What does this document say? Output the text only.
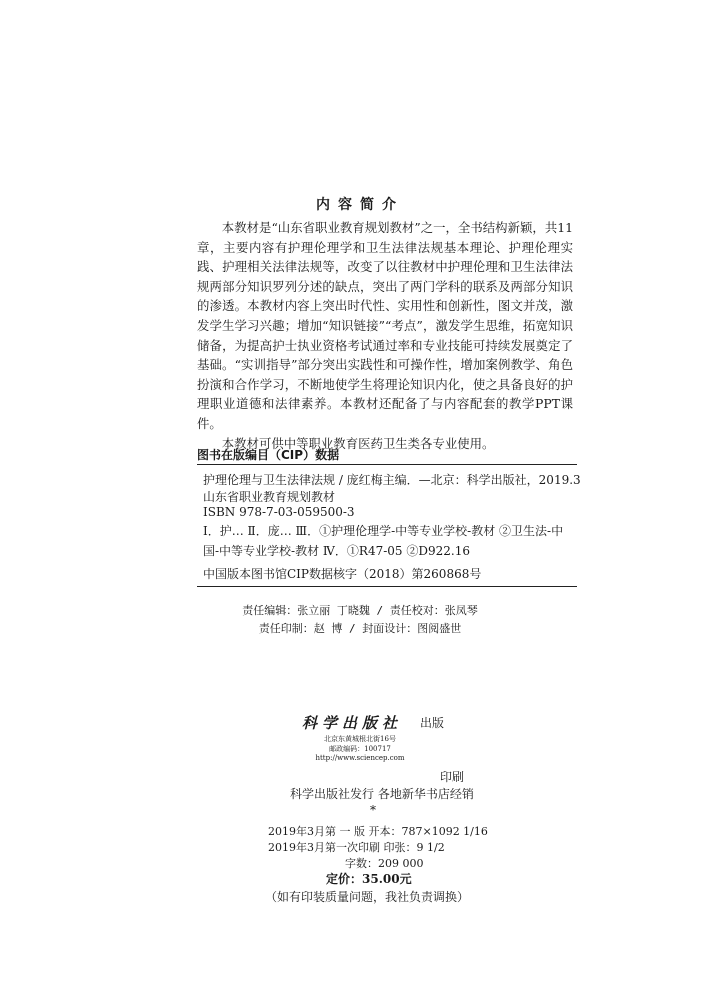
内容简介

本教材是“山东省职业教育规划教材”之一，全书结构新颖，共11章，主要内容有护理伦理学和卫生法律法规基本理论、护理伦理实践、护理相关法律法规等，改变了以往教材中护理伦理和卫生法律法规两部分知识罗列分述的缺点，突出了两门学科的联系及两部分知识的渗透。本教材内容上突出时代性、实用性和创新性，图文并茂，激发学生学习兴趣；增加“知识链接”“考点”，激发学生思维，拓宽知识储备，为提高护士执业资格考试通过率和专业技能可持续发展奠定了基础。“实训指导”部分突出实践性和可操作性，增加案例教学、角色扮演和合作学习，不断地使学生将理论知识内化，使之具备良好的护理职业道德和法律素养。本教材还配备了与内容配套的教学PPT课件。

本教材可供中等职业教育医药卫生类各专业使用。

图书在版编目（CIP）数据
护理伦理与卫生法律法规 / 庞红梅主编．—北京：科学出版社，2019.3
山东省职业教育规划教材
ISBN 978-7-03-059500-3
Ⅰ．护… Ⅱ．庞… Ⅲ．①护理伦理学-中等专业学校-教材 ②卫生法-中国-中等专业学校-教材 Ⅳ．①R47-05 ②D922.16
中国版本图书馆CIP数据核字（2018）第260868号
责任编辑：张立丽 丁晓魏 / 责任校对：张凤琴
责任印制：赵 博 / 封面设计：图阅盛世
科学出版社 出版
北京东黄城根北街16号
邮政编码：100717
http://www.sciencep.com
印刷
科学出版社发行 各地新华书店经销
*
2019年3月第 一 版 开本：787×1092 1/16
2019年3月第一次印刷 印张：9 1/2
字数：209 000
定价：35.00元
（如有印装质量问题，我社负责调换）
